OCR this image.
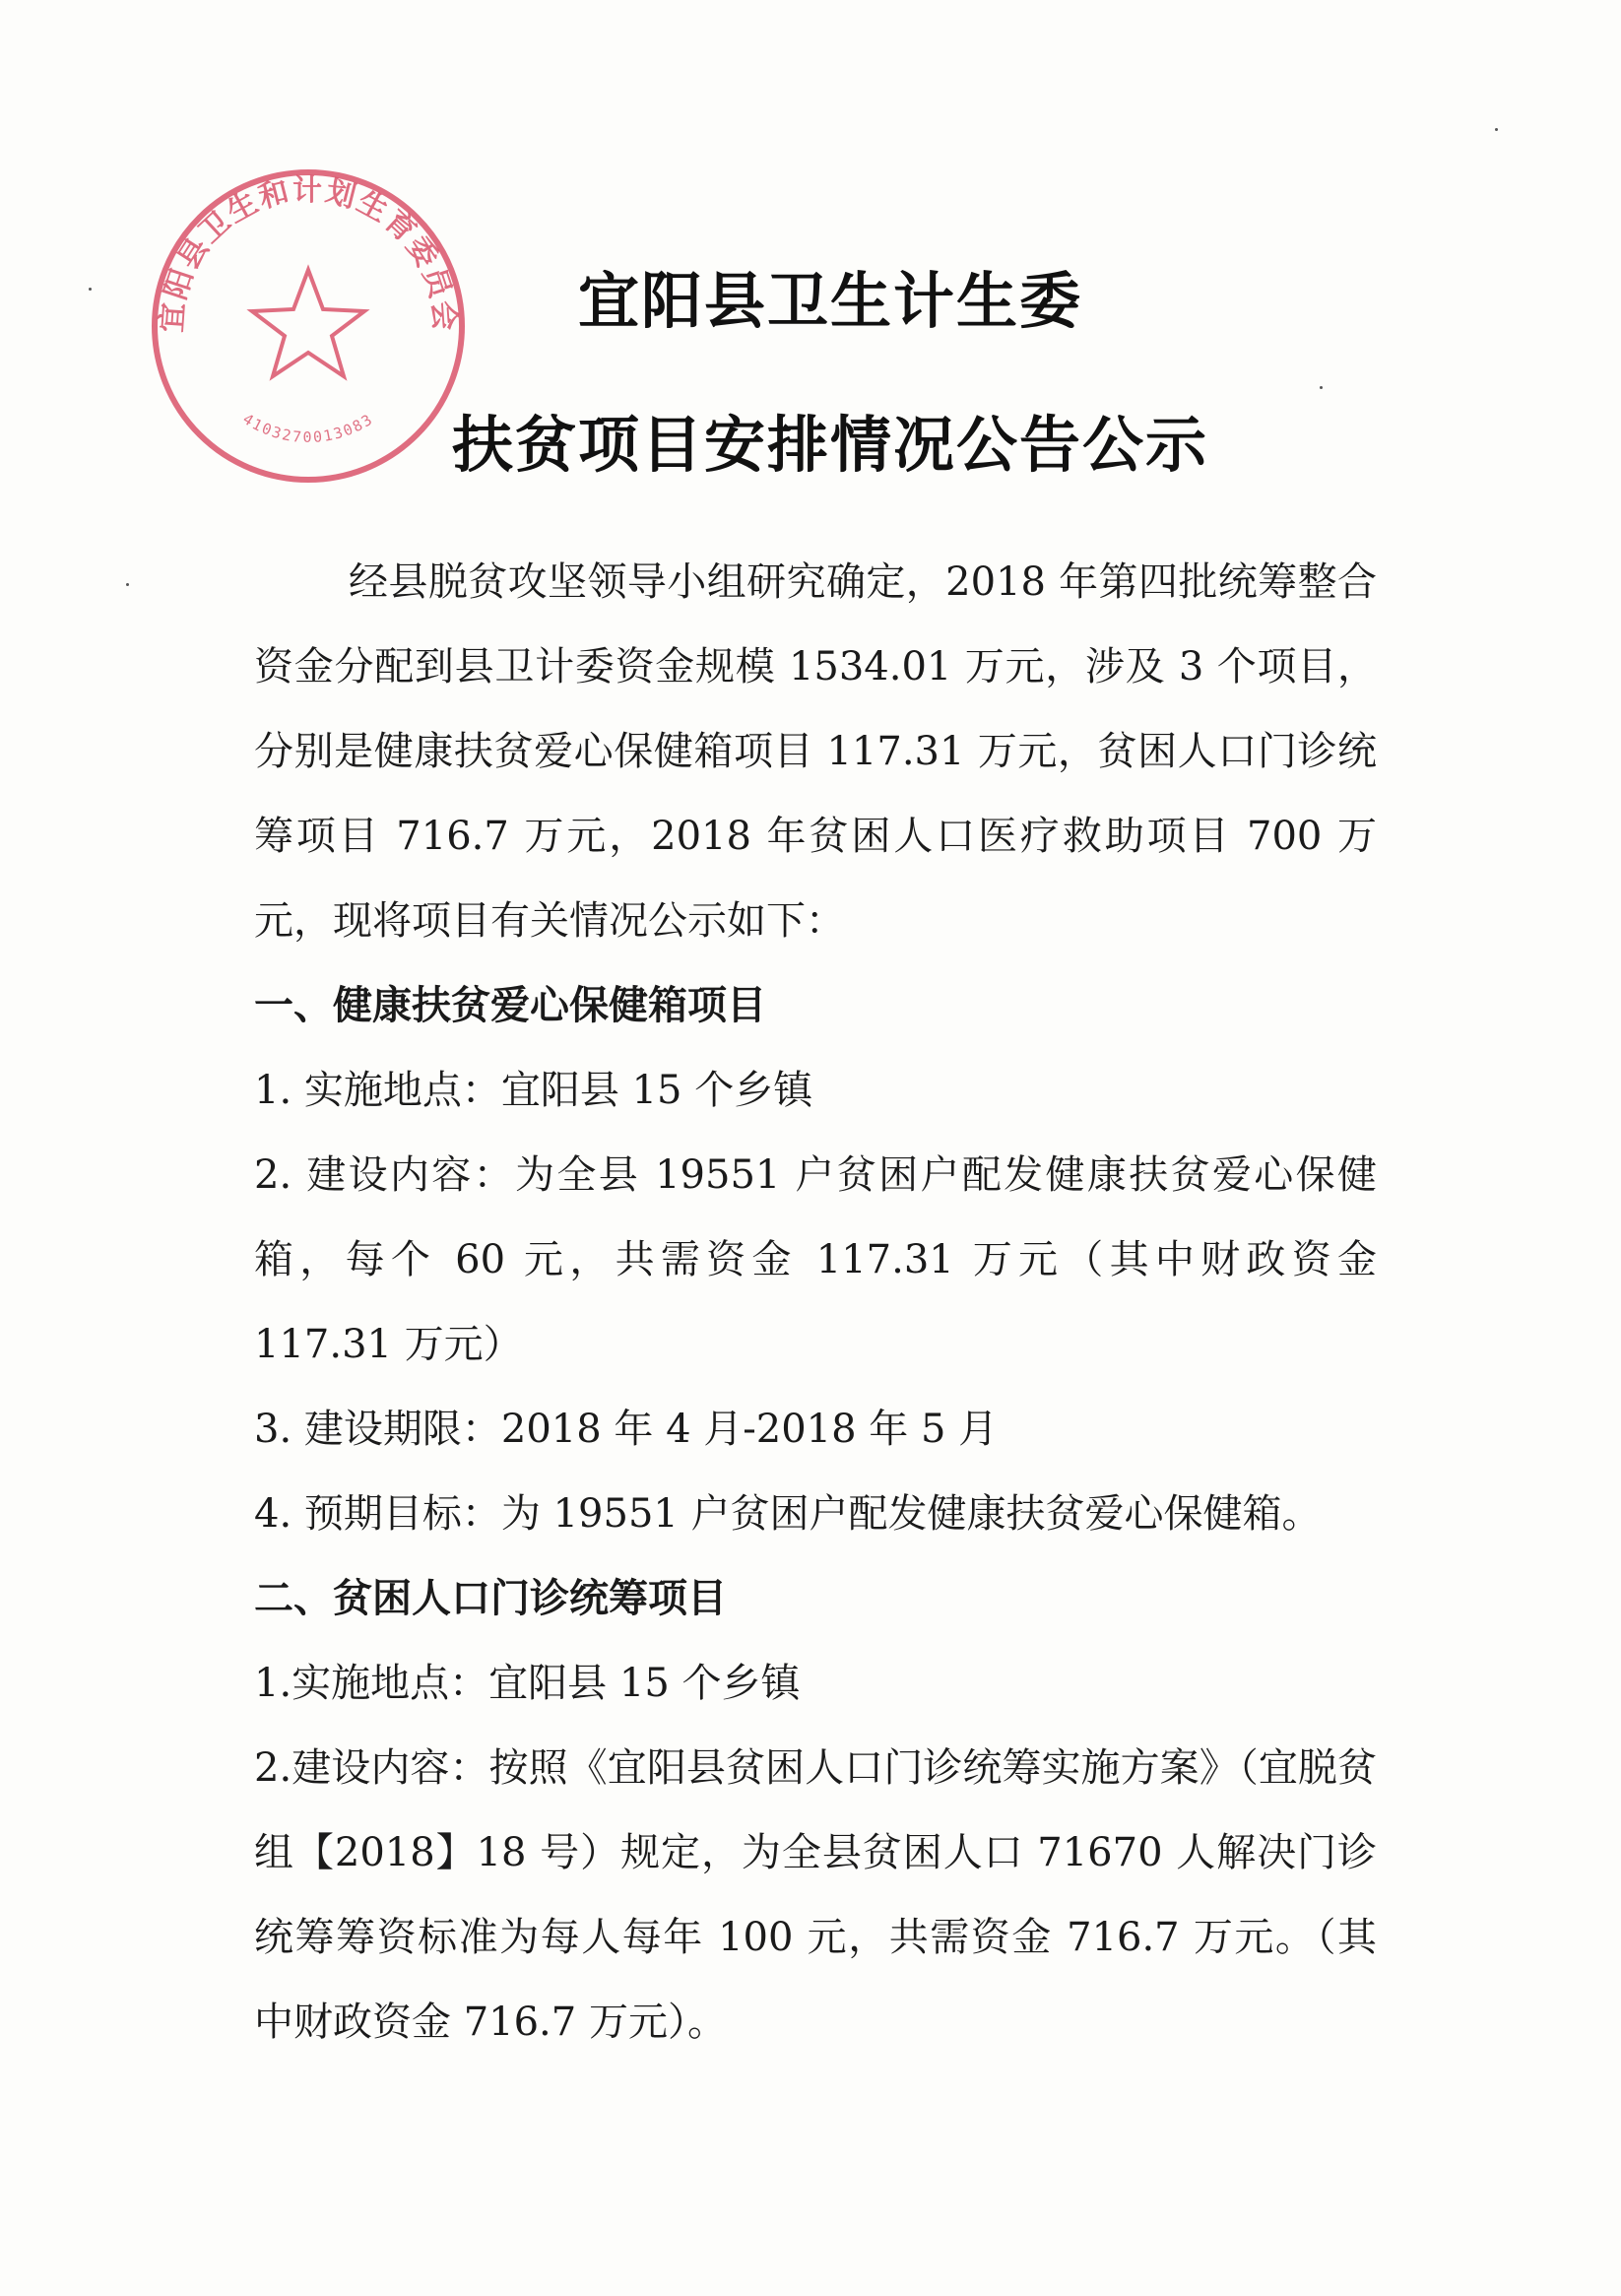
宜阳县卫生和计划生育委员会
4103270013083
宜阳县卫生计生委
扶贫项目安排情况公告公示

经县脱贫攻坚领导小组研究确定，2018 年第四批统筹整合资金分配到县卫计委资金规模 1534.01 万元，涉及 3 个项目，分别是健康扶贫爱心保健箱项目 117.31 万元，贫困人口门诊统筹项目 716.7 万元，2018 年贫困人口医疗救助项目 700 万元，现将项目有关情况公示如下：

一、健康扶贫爱心保健箱项目

1. 实施地点：宜阳县 15 个乡镇

2. 建设内容：为全县 19551 户贫困户配发健康扶贫爱心保健箱，每个 60 元，共需资金 117.31 万元（其中财政资金 117.31 万元）

3. 建设期限：2018 年 4 月-2018 年 5 月

4. 预期目标：为 19551 户贫困户配发健康扶贫爱心保健箱。

二、贫困人口门诊统筹项目

1.实施地点：宜阳县 15 个乡镇

2.建设内容：按照《宜阳县贫困人口门诊统筹实施方案》（宜脱贫组【2018】18 号）规定，为全县贫困人口 71670 人解决门诊统筹筹资标准为每人每年 100 元，共需资金 716.7 万元。（其中财政资金 716.7 万元）。
